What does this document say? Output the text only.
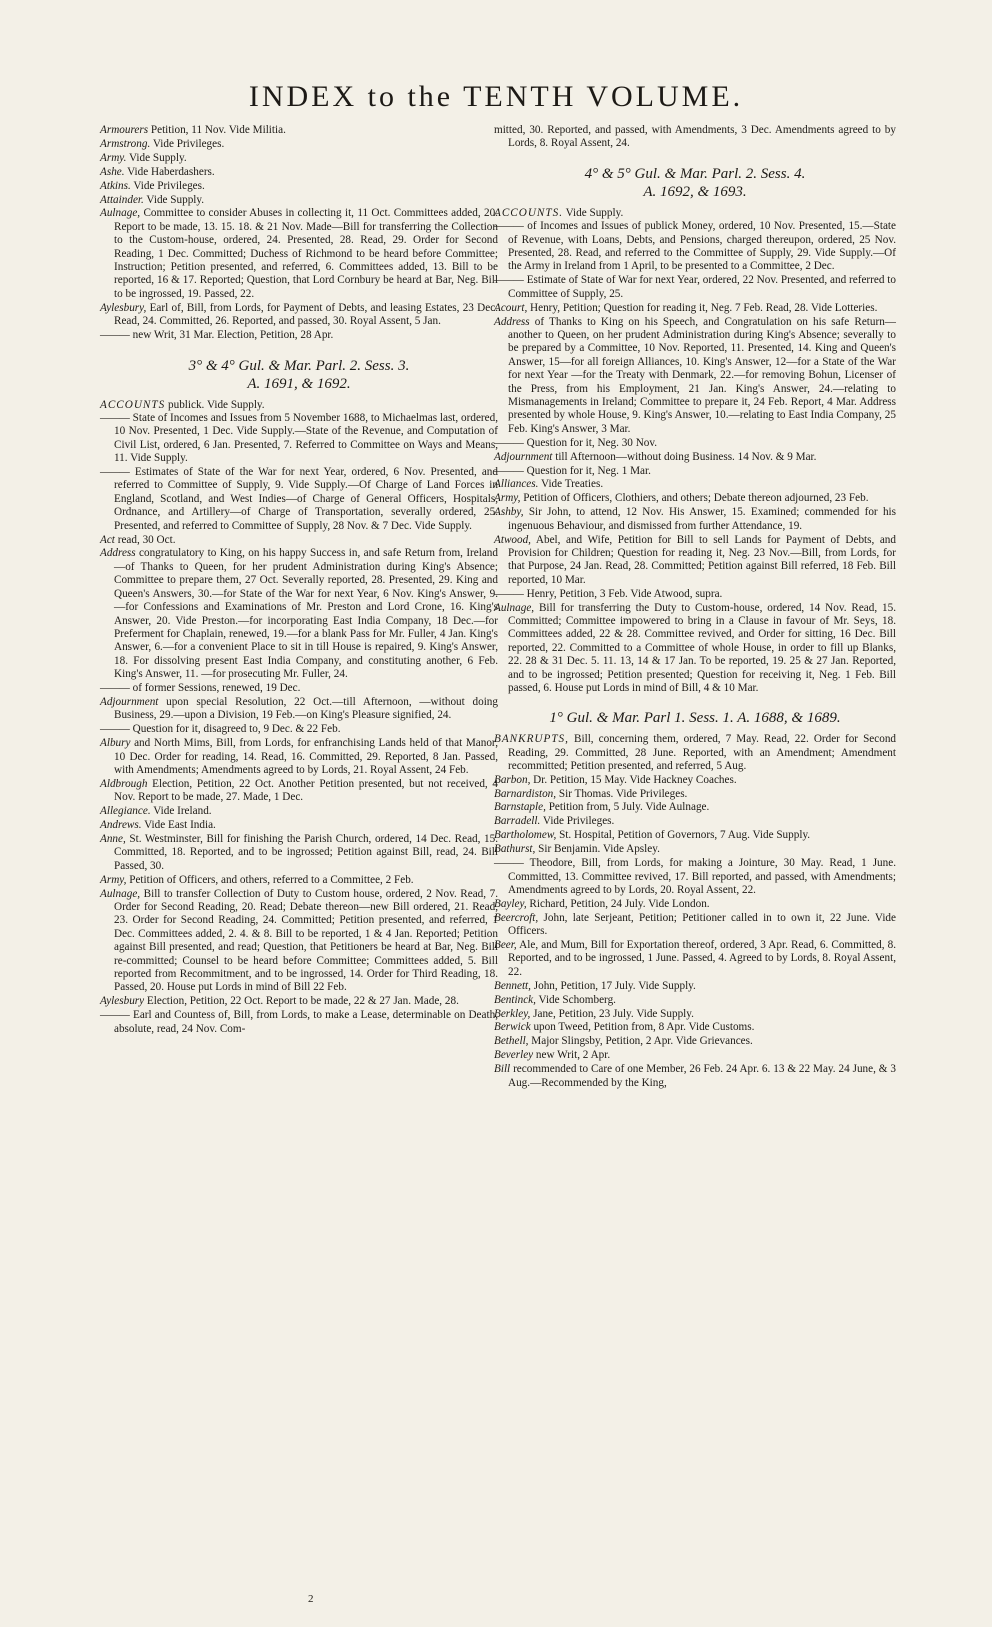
INDEX to the TENTH VOLUME.
Armourers Petition, 11 Nov. Vide Militia.
Armstrong. Vide Privileges.
Army. Vide Supply.
Ashe. Vide Haberdashers.
Atkins. Vide Privileges.
Attainder. Vide Supply.
Aulnage, Committee to consider Abuses in collecting it, 11 Oct. Committees added, 20. Report to be made, 13. 15. 18. & 21 Nov. Made—Bill for transferring the Collection to the Custom-house, ordered, 24. Presented, 28. Read, 29. Order for Second Reading, 1 Dec. Committed; Duchess of Richmond to be heard before Committee; Instruction; Petition presented, and referred, 6. Committees added, 13. Bill to be reported, 16 & 17. Reported; Question, that Lord Cornbury be heard at Bar, Neg. Bill to be ingrossed, 19. Passed, 22.
Aylesbury, Earl of, Bill, from Lords, for Payment of Debts, and leasing Estates, 23 Dec. Read, 24. Committed, 26. Reported, and passed, 30. Royal Assent, 5 Jan.
——— new Writ, 31 Mar. Election, Petition, 28 Apr.
3° & 4° Gul. & Mar. Parl. 2. Sess. 3.
A. 1691, & 1692.
ACCOUNTS publick. Vide Supply.
——— State of Incomes and Issues from 5 November 1688, to Michaelmas last, ordered, 10 Nov. Presented, 1 Dec. Vide Supply.—State of the Revenue, and Computation of Civil List, ordered, 6 Jan. Presented, 7. Referred to Committee on Ways and Means, 11. Vide Supply.
——— Estimates of State of the War for next Year, ordered, 6 Nov. Presented, and referred to Committee of Supply, 9. Vide Supply.—Of Charge of Land Forces in England, Scotland, and West Indies—of Charge of General Officers, Hospitals, Ordnance, and Artillery—of Charge of Transportation, severally ordered, 25. Presented, and referred to Committee of Supply, 28 Nov. & 7 Dec. Vide Supply.
Act read, 30 Oct.
Address congratulatory to King, on his happy Success in, and safe Return from, Ireland—of Thanks to Queen, for her prudent Administration during King's Absence; Committee to prepare them, 27 Oct. Severally reported, 28. Presented, 29. King and Queen's Answers, 30.—for State of the War for next Year, 6 Nov. King's Answer, 9.—for Confessions and Examinations of Mr. Preston and Lord Crone, 16. King's Answer, 20. Vide Preston.—for incorporating East India Company, 18 Dec.—for Preferment for Chaplain, renewed, 19.—for a blank Pass for Mr. Fuller, 4 Jan. King's Answer, 6.—for a convenient Place to sit in till House is repaired, 9. King's Answer, 18. For dissolving present East India Company, and constituting another, 6 Feb. King's Answer, 11. —for prosecuting Mr. Fuller, 24.
——— of former Sessions, renewed, 19 Dec.
Adjournment upon special Resolution, 22 Oct.—till Afternoon, —without doing Business, 29.—upon a Division, 19 Feb.—on King's Pleasure signified, 24.
——— Question for it, disagreed to, 9 Dec. & 22 Feb.
Albury and North Mims, Bill, from Lords, for enfranchising Lands held of that Manor, 10 Dec. Order for reading, 14. Read, 16. Committed, 29. Reported, 8 Jan. Passed, with Amendments; Amendments agreed to by Lords, 21. Royal Assent, 24 Feb.
Aldbrough Election, Petition, 22 Oct. Another Petition presented, but not received, 4 Nov. Report to be made, 27. Made, 1 Dec.
Allegiance. Vide Ireland.
Andrews. Vide East India.
Anne, St. Westminster, Bill for finishing the Parish Church, ordered, 14 Dec. Read, 15. Committed, 18. Reported, and to be ingrossed; Petition against Bill, read, 24. Bill Passed, 30.
Army, Petition of Officers, and others, referred to a Committee, 2 Feb.
Aulnage, Bill to transfer Collection of Duty to Custom house, ordered, 2 Nov. Read, 7. Order for Second Reading, 20. Read; Debate thereon—new Bill ordered, 21. Read, 23. Order for Second Reading, 24. Committed; Petition presented, and referred, 1 Dec. Committees added, 2. 4. & 8. Bill to be reported, 1 & 4 Jan. Reported; Petition against Bill presented, and read; Question, that Petitioners be heard at Bar, Neg. Bill re-committed; Counsel to be heard before Committee; Committees added, 5. Bill reported from Recommitment, and to be ingrossed, 14. Order for Third Reading, 18. Passed, 20. House put Lords in mind of Bill 22 Feb.
Aylesbury Election, Petition, 22 Oct. Report to be made, 22 & 27 Jan. Made, 28.
——— Earl and Countess of, Bill, from Lords, to make a Lease, determinable on Death, absolute, read, 24 Nov. Com-
mitted, 30. Reported, and passed, with Amendments, 3 Dec. Amendments agreed to by Lords, 8. Royal Assent, 24.
4° & 5° Gul. & Mar. Parl. 2. Sess. 4.
A. 1692, & 1693.
ACCOUNTS. Vide Supply.
——— of Incomes and Issues of publick Money, ordered, 10 Nov. Presented, 15.—State of Revenue, with Loans, Debts, and Pensions, charged thereupon, ordered, 25 Nov. Presented, 28. Read, and referred to the Committee of Supply, 29. Vide Supply.—Of the Army in Ireland from 1 April, to be presented to a Committee, 2 Dec.
——— Estimate of State of War for next Year, ordered, 22 Nov. Presented, and referred to Committee of Supply, 25.
Acourt, Henry, Petition; Question for reading it, Neg. 7 Feb. Read, 28. Vide Lotteries.
Address of Thanks to King on his Speech, and Congratulation on his safe Return—another to Queen, on her prudent Administration during King's Absence; severally to be prepared by a Committee, 10 Nov. Reported, 11. Presented, 14. King and Queen's Answer, 15—for all foreign Alliances, 10. King's Answer, 12—for a State of the War for next Year —for the Treaty with Denmark, 22.—for removing Bohun, Licenser of the Press, from his Employment, 21 Jan. King's Answer, 24.—relating to Mismanagements in Ireland; Committee to prepare it, 24 Feb. Report, 4 Mar. Address presented by whole House, 9. King's Answer, 10.—relating to East India Company, 25 Feb. King's Answer, 3 Mar.
——— Question for it, Neg. 30 Nov.
Adjournment till Afternoon—without doing Business. 14 Nov. & 9 Mar.
——— Question for it, Neg. 1 Mar.
Alliances. Vide Treaties.
Army, Petition of Officers, Clothiers, and others; Debate thereon adjourned, 23 Feb.
Ashby, Sir John, to attend, 12 Nov. His Answer, 15. Examined; commended for his ingenuous Behaviour, and dismissed from further Attendance, 19.
Atwood, Abel, and Wife, Petition for Bill to sell Lands for Payment of Debts, and Provision for Children; Question for reading it, Neg. 23 Nov.—Bill, from Lords, for that Purpose, 24 Jan. Read, 28. Committed; Petition against Bill referred, 18 Feb. Bill reported, 10 Mar.
——— Henry, Petition, 3 Feb. Vide Atwood, supra.
Aulnage, Bill for transferring the Duty to Custom-house, ordered, 14 Nov. Read, 15. Committed; Committee impowered to bring in a Clause in favour of Mr. Seys, 18. Committees added, 22 & 28. Committee revived, and Order for sitting, 16 Dec. Bill reported, 22. Committed to a Committee of whole House, in order to fill up Blanks, 22. 28 & 31 Dec. 5. 11. 13, 14 & 17 Jan. To be reported, 19. 25 & 27 Jan. Reported, and to be ingrossed; Petition presented; Question for receiving it, Neg. 1 Feb. Bill passed, 6. House put Lords in mind of Bill, 4 & 10 Mar.
1° Gul. & Mar. Parl 1. Sess. 1. A. 1688, & 1689.
BANKRUPTS, Bill, concerning them, ordered, 7 May. Read, 22. Order for Second Reading, 29. Committed, 28 June. Reported, with an Amendment; Amendment recommitted; Petition presented, and referred, 5 Aug.
Barbon, Dr. Petition, 15 May. Vide Hackney Coaches.
Barnardiston, Sir Thomas. Vide Privileges.
Barnstaple, Petition from, 5 July. Vide Aulnage.
Barradell. Vide Privileges.
Bartholomew, St. Hospital, Petition of Governors, 7 Aug. Vide Supply.
Bathurst, Sir Benjamin. Vide Apsley.
——— Theodore, Bill, from Lords, for making a Jointure, 30 May. Read, 1 June. Committed, 13. Committee revived, 17. Bill reported, and passed, with Amendments; Amendments agreed to by Lords, 20. Royal Assent, 22.
Bayley, Richard, Petition, 24 July. Vide London.
Beercroft, John, late Serjeant, Petition; Petitioner called in to own it, 22 June. Vide Officers.
Beer, Ale, and Mum, Bill for Exportation thereof, ordered, 3 Apr. Read, 6. Committed, 8. Reported, and to be ingrossed, 1 June. Passed, 4. Agreed to by Lords, 8. Royal Assent, 22.
Bennett, John, Petition, 17 July. Vide Supply.
Bentinck, Vide Schomberg.
Berkley, Jane, Petition, 23 July. Vide Supply.
Berwick upon Tweed, Petition from, 8 Apr. Vide Customs.
Bethell, Major Slingsby, Petition, 2 Apr. Vide Grievances.
Beverley new Writ, 2 Apr.
Bill recommended to Care of one Member, 26 Feb. 24 Apr. 6. 13 & 22 May. 24 June, & 3 Aug.—Recommended by the King,
2
